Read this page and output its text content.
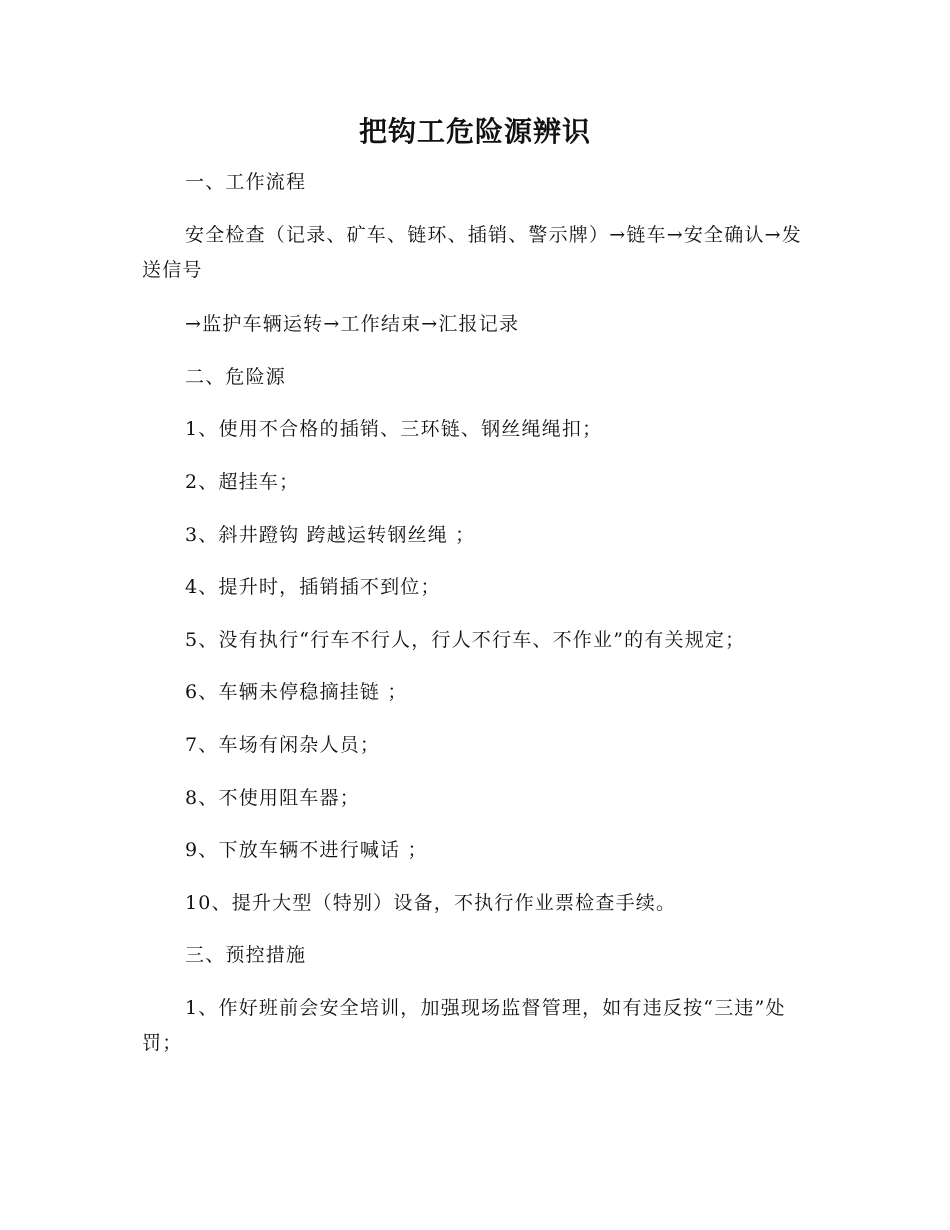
把钩工危险源辨识

一、工作流程

安全检查（记录、矿车、链环、插销、警示牌）→链车→安全确认→发送信号

→监护车辆运转→工作结束→汇报记录

二、危险源

1、使用不合格的插销、三环链、钢丝绳绳扣；

2、超挂车；

3、斜井蹬钩 跨越运转钢丝绳 ；

4、提升时，插销插不到位；

5、没有执行“行车不行人，行人不行车、不作业”的有关规定；

6、车辆未停稳摘挂链 ；

7、车场有闲杂人员；

8、不使用阻车器；

9、下放车辆不进行喊话 ；

10、提升大型（特别）设备，不执行作业票检查手续。

三、预控措施

1、作好班前会安全培训，加强现场监督管理，如有违反按“三违”处罚；
